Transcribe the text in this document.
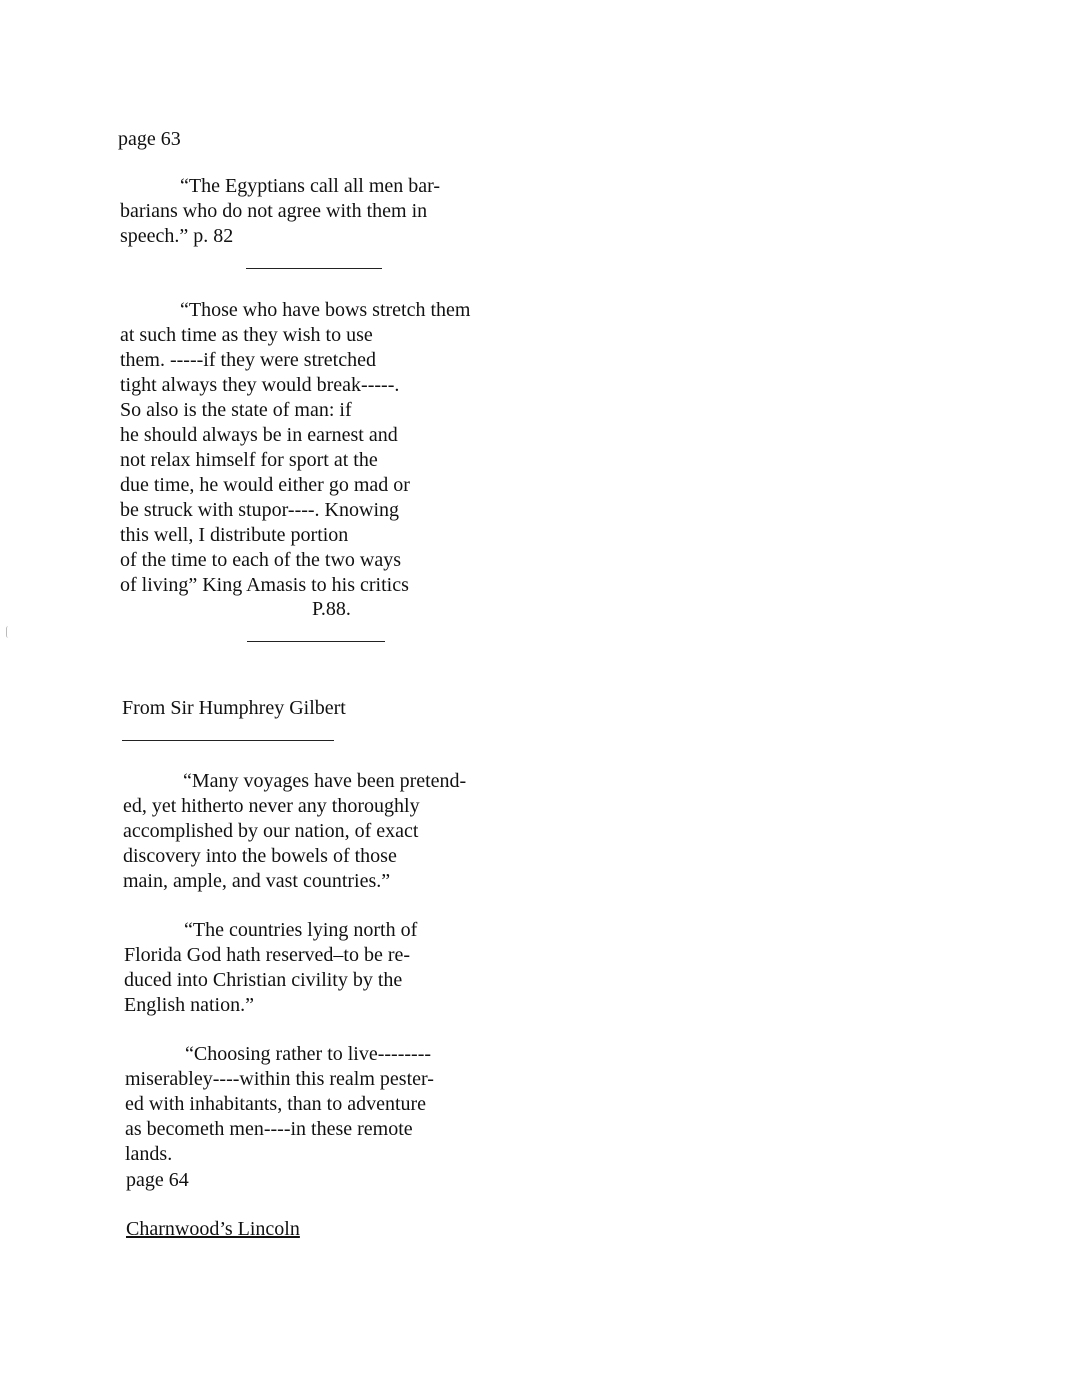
page 63
“The Egyptians call all men bar-
barians who do not agree with them in
speech.” p. 82
“Those who have bows stretch them
at such time as they wish to use
them. -----if they were stretched
tight always they would break-----.
So also is the state of man: if
he should always be in earnest and
not relax himself for sport at the
due time, he would either go mad or
be struck with stupor----. Knowing
this well, I distribute portion
of the time to each of the two ways
of living” King Amasis to his critics
P.88.
From Sir Humphrey Gilbert
“Many voyages have been pretend-
ed, yet hitherto never any thoroughly
accomplished by our nation, of exact
discovery into the bowels of those
main, ample, and vast countries.”
“The countries lying north of
Florida God hath reserved–to be re-
duced into Christian civility by the
English nation.”
“Choosing rather to live--------
miserabley----within this realm pester-
ed with inhabitants, than to adventure
as becometh men----in these remote
lands.
page 64
Charnwood’s Lincoln
